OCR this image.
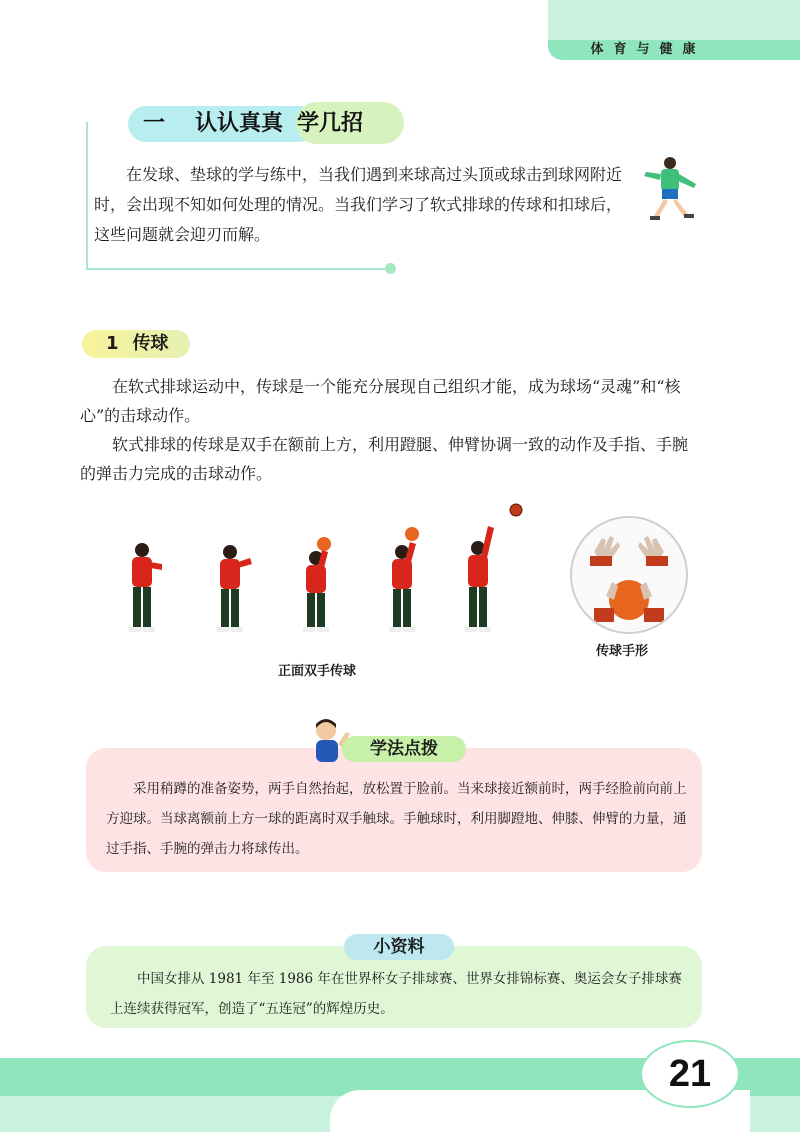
体育与健康
一 认认真真 学几招
在发球、垫球的学与练中，当我们遇到来球高过头顶或球击到球网附近时，会出现不知如何处理的情况。当我们学习了软式排球的传球和扣球后，这些问题就会迎刃而解。
1 传球
在软式排球运动中，传球是一个能充分展现自己组织才能，成为球场“灵魂”和“核心”的击球动作。
软式排球的传球是双手在额前上方，利用蹬腿、伸臂协调一致的动作及手指、手腕的弹击力完成的击球动作。
正面双手传球
传球手形
学法点拨
采用稍蹲的准备姿势，两手自然抬起，放松置于脸前。当来球接近额前时，两手经脸前向前上方迎球。当球离额前上方一球的距离时双手触球。手触球时，利用脚蹬地、伸膝、伸臂的力量，通过手指、手腕的弹击力将球传出。
小资料
中国女排从 1981 年至 1986 年在世界杯女子排球赛、世界女排锦标赛、奥运会女子排球赛上连续获得冠军，创造了“五连冠”的辉煌历史。
21
